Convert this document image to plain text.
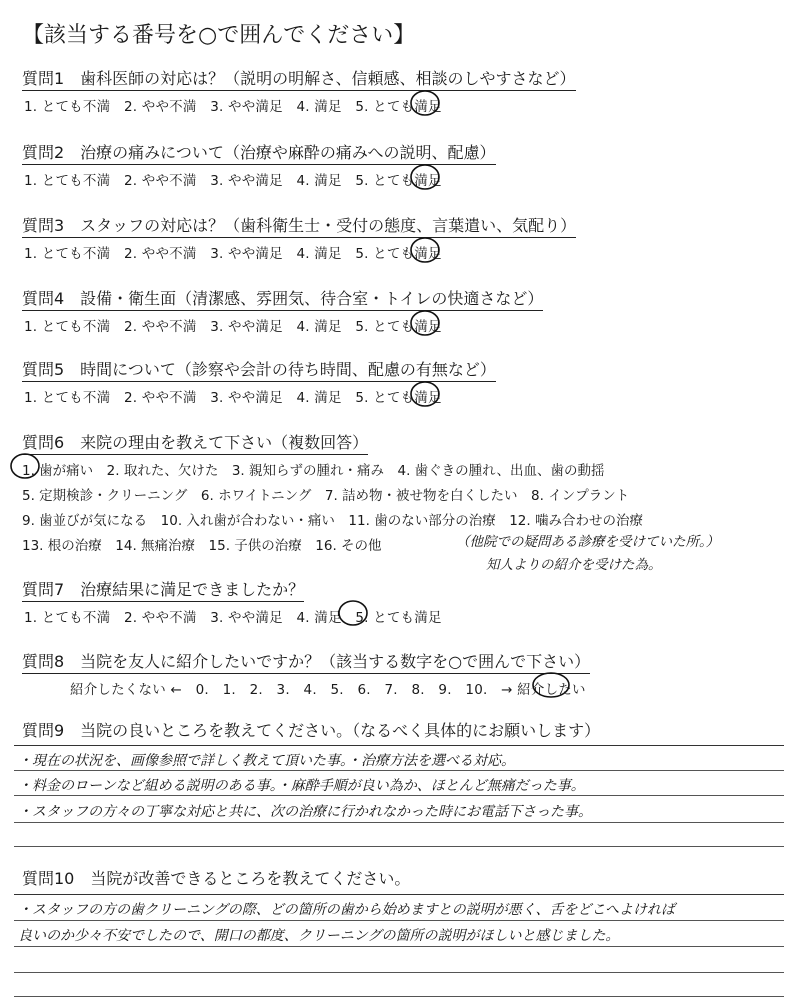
【該当する番号を○で囲んでください】
質問1　歯科医師の対応は？（説明の明解さ、信頼感、相談のしやすさなど）
1. とても不満　2. やや不満　3. やや満足　4. 満足　5. とても満足
質問2　治療の痛みについて（治療や麻酔の痛みへの説明、配慮）
1. とても不満　2. やや不満　3. やや満足　4. 満足　5. とても満足
質問3　スタッフの対応は？（歯科衛生士・受付の態度、言葉遣い、気配り）
1. とても不満　2. やや不満　3. やや満足　4. 満足　5. とても満足
質問4　設備・衛生面（清潔感、雰囲気、待合室・トイレの快適さなど）
1. とても不満　2. やや不満　3. やや満足　4. 満足　5. とても満足
質問5　時間について（診察や会計の待ち時間、配慮の有無など）
1. とても不満　2. やや不満　3. やや満足　4. 満足　5. とても満足
質問6　来院の理由を教えて下さい（複数回答）
1. 歯が痛い　2. 取れた、欠けた　3. 親知らずの腫れ・痛み　4. 歯ぐきの腫れ、出血、歯の動揺
5. 定期検診・クリーニング　6. ホワイトニング　7. 詰め物・被せ物を白くしたい　8. インプラント
9. 歯並びが気になる　10. 入れ歯が合わない・痛い　11. 歯のない部分の治療　12. 噛み合わせの治療
13. 根の治療　14. 無痛治療　15. 子供の治療　16. その他	（他院での疑問ある診療を受けていた所。）
知人よりの紹介を受けた為。
質問7　治療結果に満足できましたか？
1. とても不満　2. やや不満　3. やや満足　4. 満足　5. とても満足
質問8　当院を友人に紹介したいですか？（該当する数字を○で囲んで下さい）
紹介したくない ←　0.　1.　2.　3.　4.　5.　6.　7.　8.　9.　10.　→ 紹介したい
質問9　当院の良いところを教えてください。（なるべく具体的にお願いします）
・現在の状況を、画像参照で詳しく教えて頂いた事。・治療方法を選べる対応。
・料金のローンなど組める説明のある事。・麻酔手順が良い為か、ほとんど無痛だった事。
・スタッフの方々の丁寧な対応と共に、次の治療に行かれなかった時にお電話下さった事。
質問10　当院が改善できるところを教えてください。
・スタッフの方の歯クリーニングの際、どの箇所の歯から始めますとの説明が悪く、舌をどこへよければ
良いのか少々不安でしたので、開口の都度、クリーニングの箇所の説明がほしいと感じました。
